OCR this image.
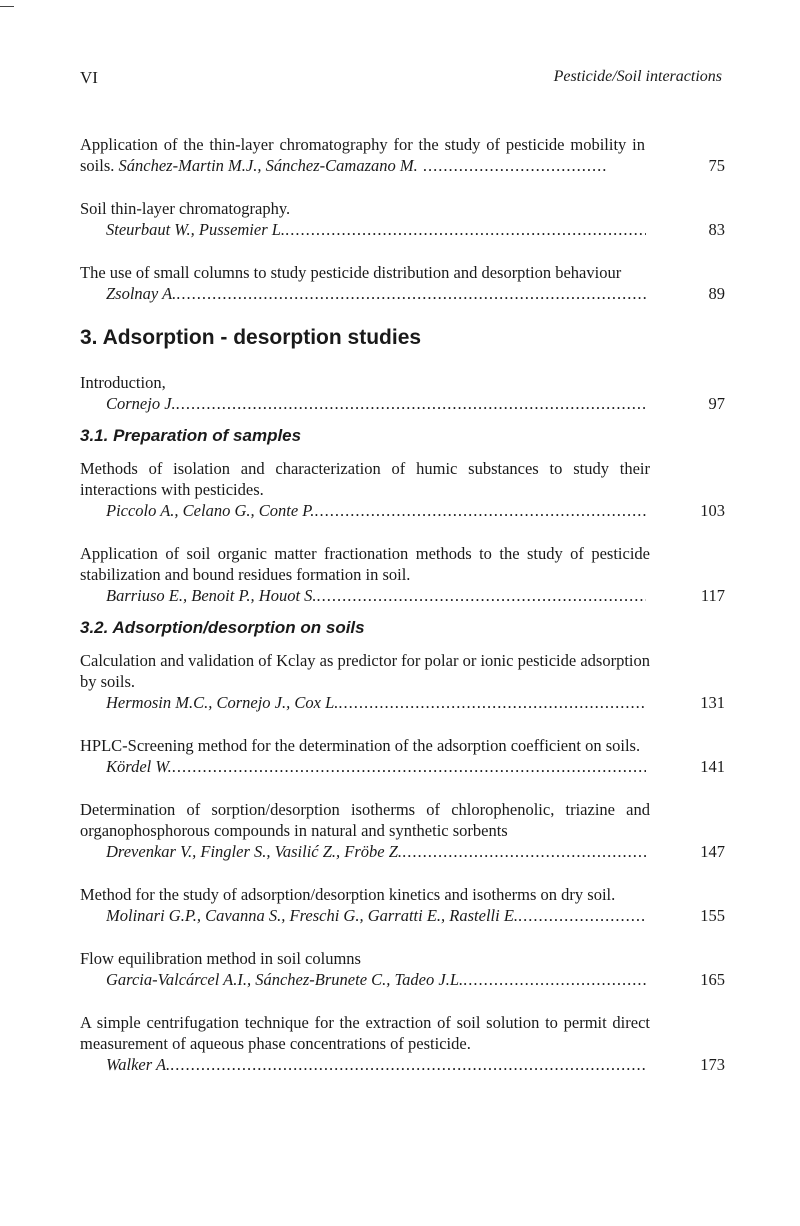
VI	Pesticide/Soil interactions
Application of the thin-layer chromatography for the study of pesticide mobility in soils. Sánchez-Martin M.J., Sánchez-Camazano M. ....................................	75
Soil thin-layer chromatography.
Steurbaut W., Pussemier L. .....	83
The use of small columns to study pesticide distribution and desorption behaviour
Zsolnay A. .....	89
3. Adsorption - desorption studies
Introduction,
Cornejo J. .....	97
3.1. Preparation of samples
Methods of isolation and characterization of humic substances to study their interactions with pesticides.
Piccolo A., Celano G., Conte P. .....	103
Application of soil organic matter fractionation methods to the study of pesticide stabilization and bound residues formation in soil.
Barriuso E., Benoit P., Houot S. .....	117
3.2. Adsorption/desorption on soils
Calculation and validation of Kclay as predictor for polar or ionic pesticide adsorption by soils.
Hermosin M.C., Cornejo J., Cox L. .....	131
HPLC-Screening method for the determination of the adsorption coefficient on soils.
Kördel W. .....	141
Determination of sorption/desorption isotherms of chlorophenolic, triazine and organophosphorous compounds in natural and synthetic sorbents
Drevenkar V., Fingler S., Vasilić Z., Fröbe Z. .....	147
Method for the study of adsorption/desorption kinetics and isotherms on dry soil.
Molinari G.P., Cavanna S., Freschi G., Garratti E., Rastelli E. .....	155
Flow equilibration method in soil columns
Garcia-Valcárcel A.I., Sánchez-Brunete C., Tadeo J.L. .....	165
A simple centrifugation technique for the extraction of soil solution to permit direct measurement of aqueous phase concentrations of pesticide.
Walker A. .....	173
